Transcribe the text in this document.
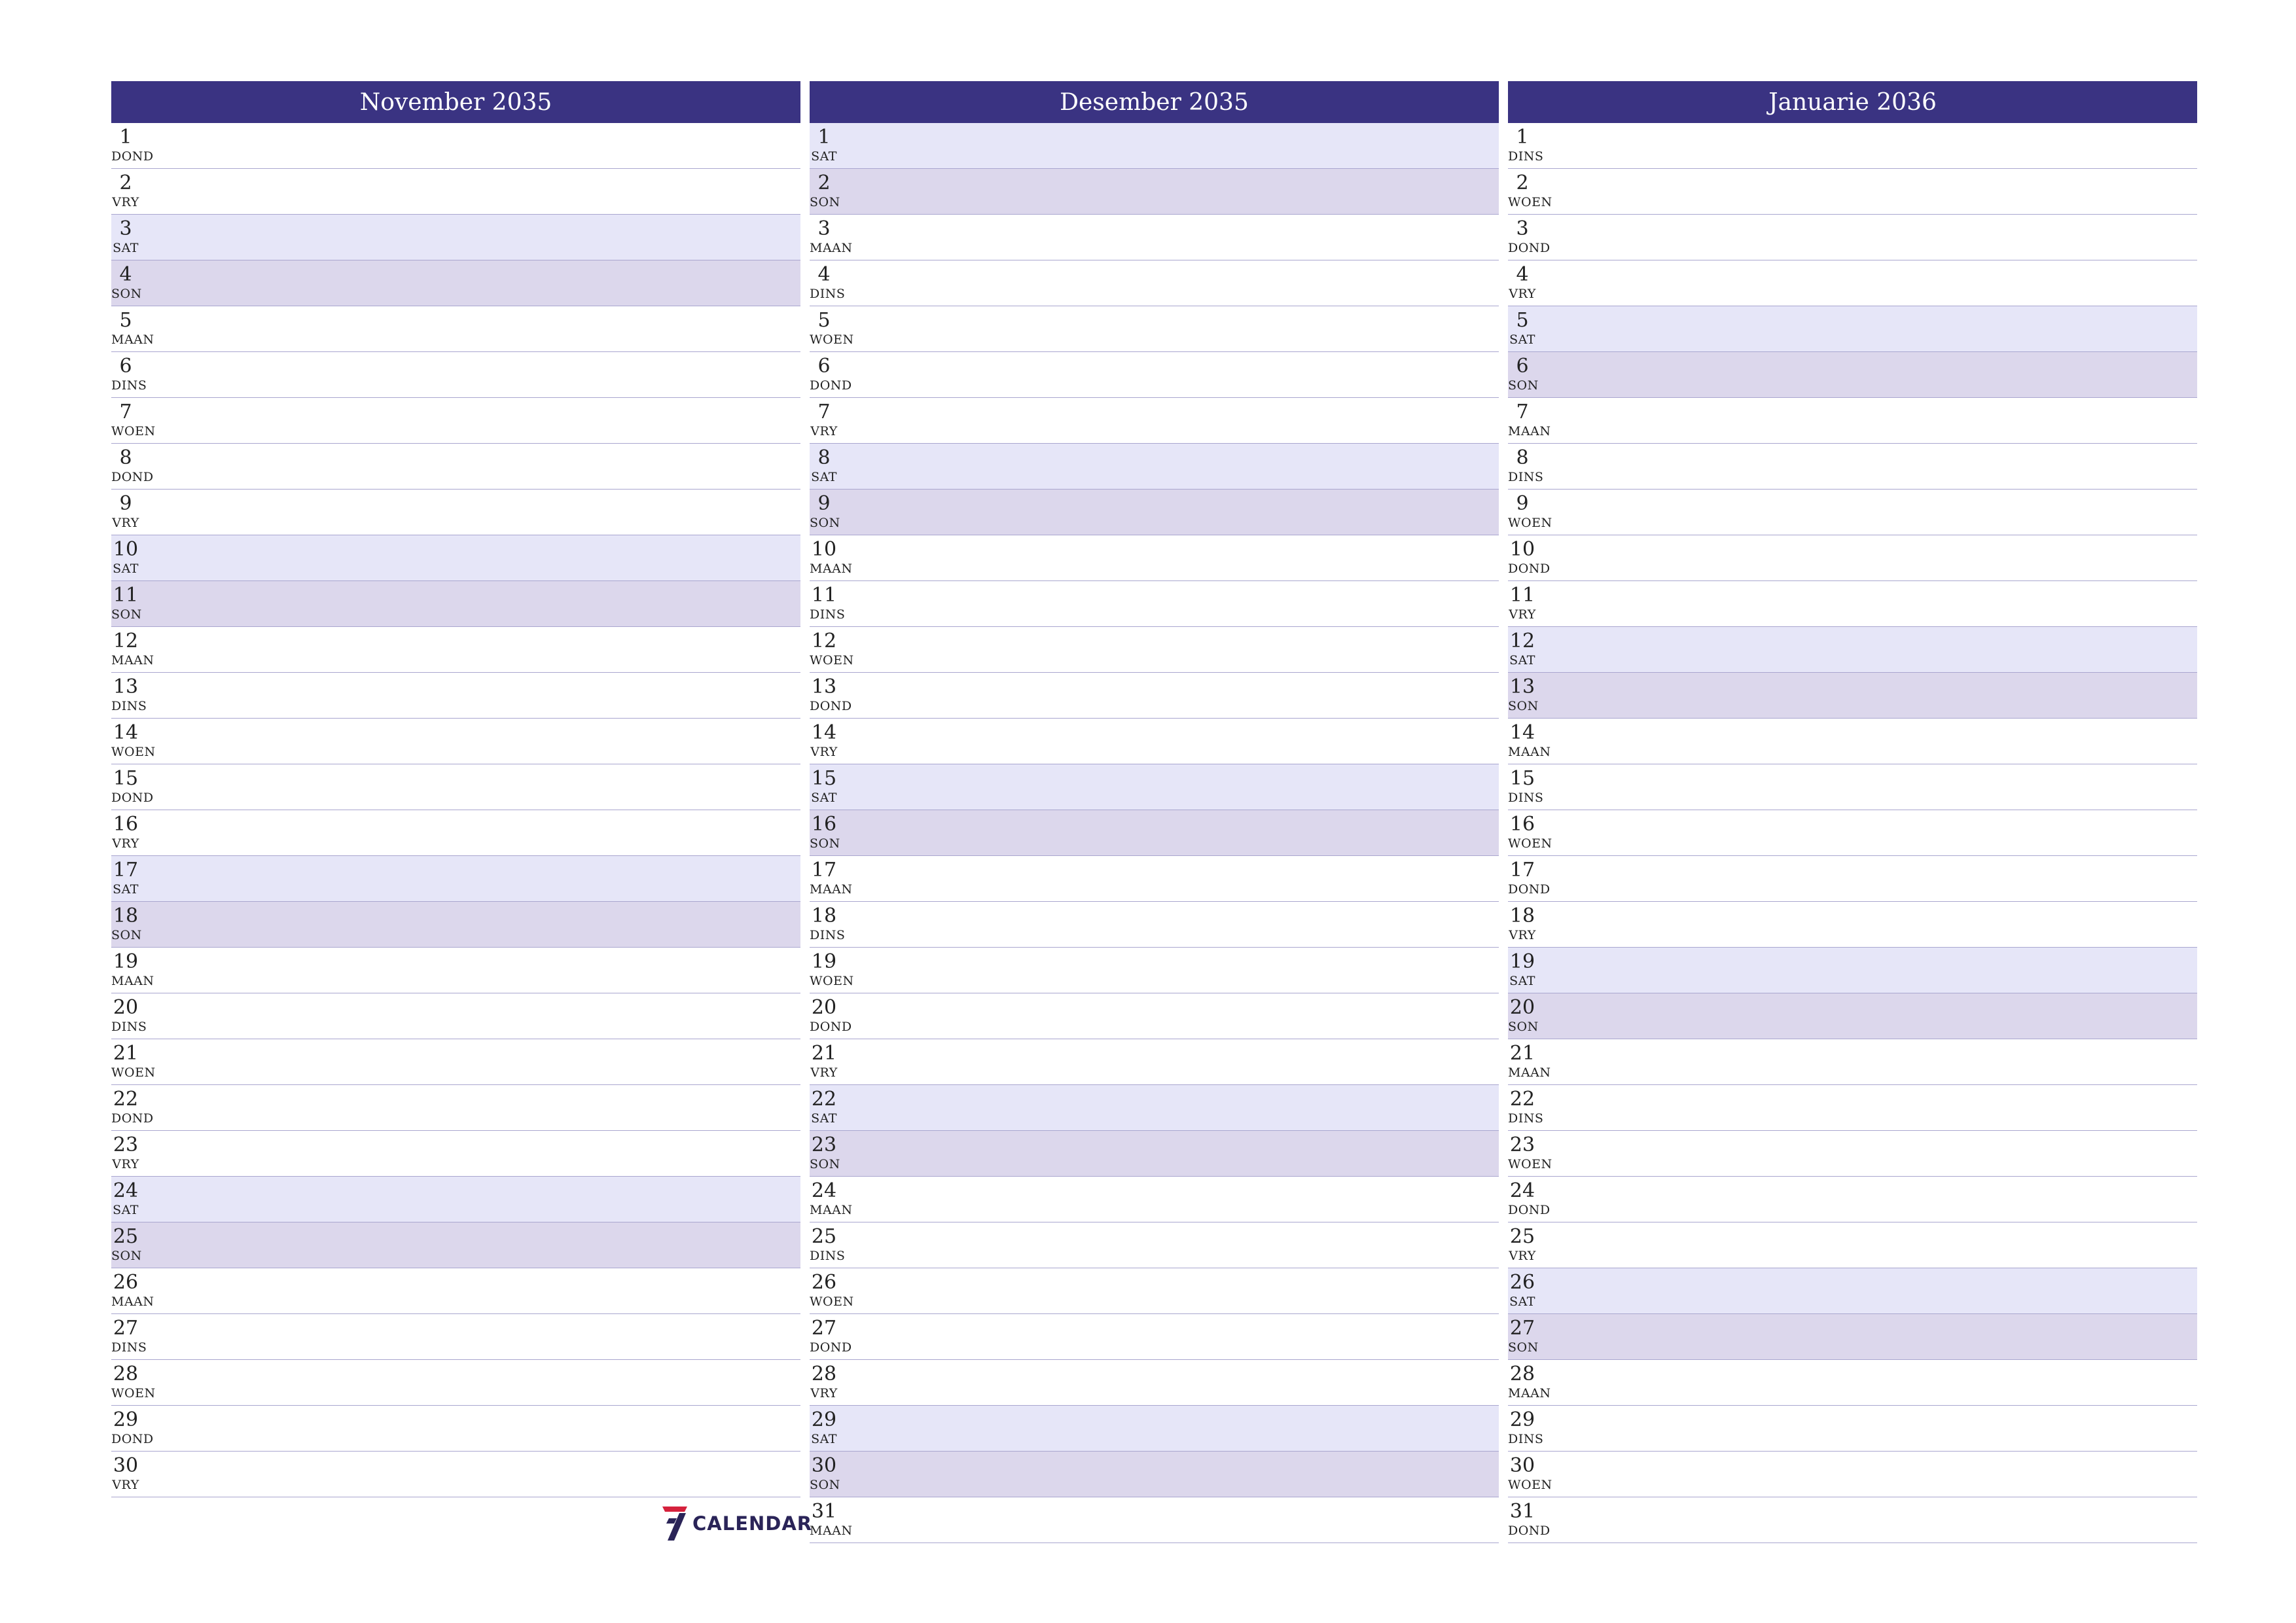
November 2035
1
DOND
2
VRY
3
SAT
4
SON
5
MAAN
6
DINS
7
WOEN
8
DOND
9
VRY
10
SAT
11
SON
12
MAAN
13
DINS
14
WOEN
15
DOND
16
VRY
17
SAT
18
SON
19
MAAN
20
DINS
21
WOEN
22
DOND
23
VRY
24
SAT
25
SON
26
MAAN
27
DINS
28
WOEN
29
DOND
30
VRY
Desember 2035
1
SAT
2
SON
3
MAAN
4
DINS
5
WOEN
6
DOND
7
VRY
8
SAT
9
SON
10
MAAN
11
DINS
12
WOEN
13
DOND
14
VRY
15
SAT
16
SON
17
MAAN
18
DINS
19
WOEN
20
DOND
21
VRY
22
SAT
23
SON
24
MAAN
25
DINS
26
WOEN
27
DOND
28
VRY
29
SAT
30
SON
31
MAAN
Januarie 2036
1
DINS
2
WOEN
3
DOND
4
VRY
5
SAT
6
SON
7
MAAN
8
DINS
9
WOEN
10
DOND
11
VRY
12
SAT
13
SON
14
MAAN
15
DINS
16
WOEN
17
DOND
18
VRY
19
SAT
20
SON
21
MAAN
22
DINS
23
WOEN
24
DOND
25
VRY
26
SAT
27
SON
28
MAAN
29
DINS
30
WOEN
31
DOND
CALENDAR
